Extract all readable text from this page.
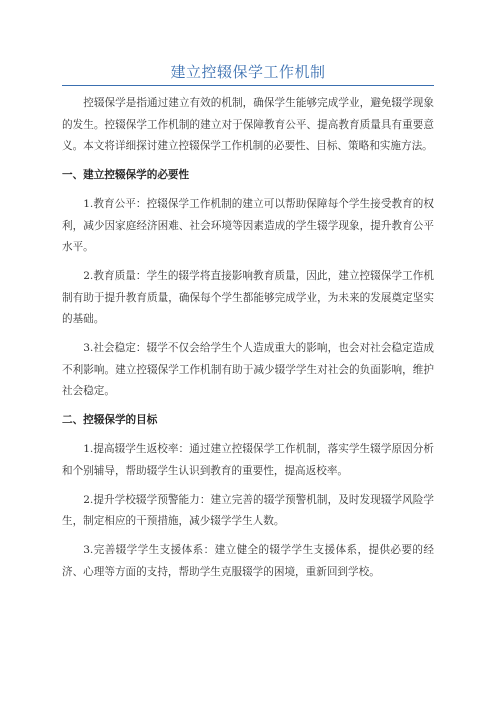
建立控辍保学工作机制

控辍保学是指通过建立有效的机制，确保学生能够完成学业，避免辍学现象的发生。控辍保学工作机制的建立对于保障教育公平、提高教育质量具有重要意义。本文将详细探讨建立控辍保学工作机制的必要性、目标、策略和实施方法。

一、建立控辍保学的必要性

1.教育公平：控辍保学工作机制的建立可以帮助保障每个学生接受教育的权利，减少因家庭经济困难、社会环境等因素造成的学生辍学现象，提升教育公平水平。

2.教育质量：学生的辍学将直接影响教育质量，因此，建立控辍保学工作机制有助于提升教育质量，确保每个学生都能够完成学业，为未来的发展奠定坚实的基础。

3.社会稳定：辍学不仅会给学生个人造成重大的影响，也会对社会稳定造成不利影响。建立控辍保学工作机制有助于减少辍学学生对社会的负面影响，维护社会稳定。

二、控辍保学的目标

1.提高辍学生返校率：通过建立控辍保学工作机制，落实学生辍学原因分析和个别辅导，帮助辍学生认识到教育的重要性，提高返校率。

2.提升学校辍学预警能力：建立完善的辍学预警机制，及时发现辍学风险学生，制定相应的干预措施，减少辍学学生人数。

3.完善辍学学生支援体系：建立健全的辍学学生支援体系，提供必要的经济、心理等方面的支持，帮助学生克服辍学的困境，重新回到学校。
